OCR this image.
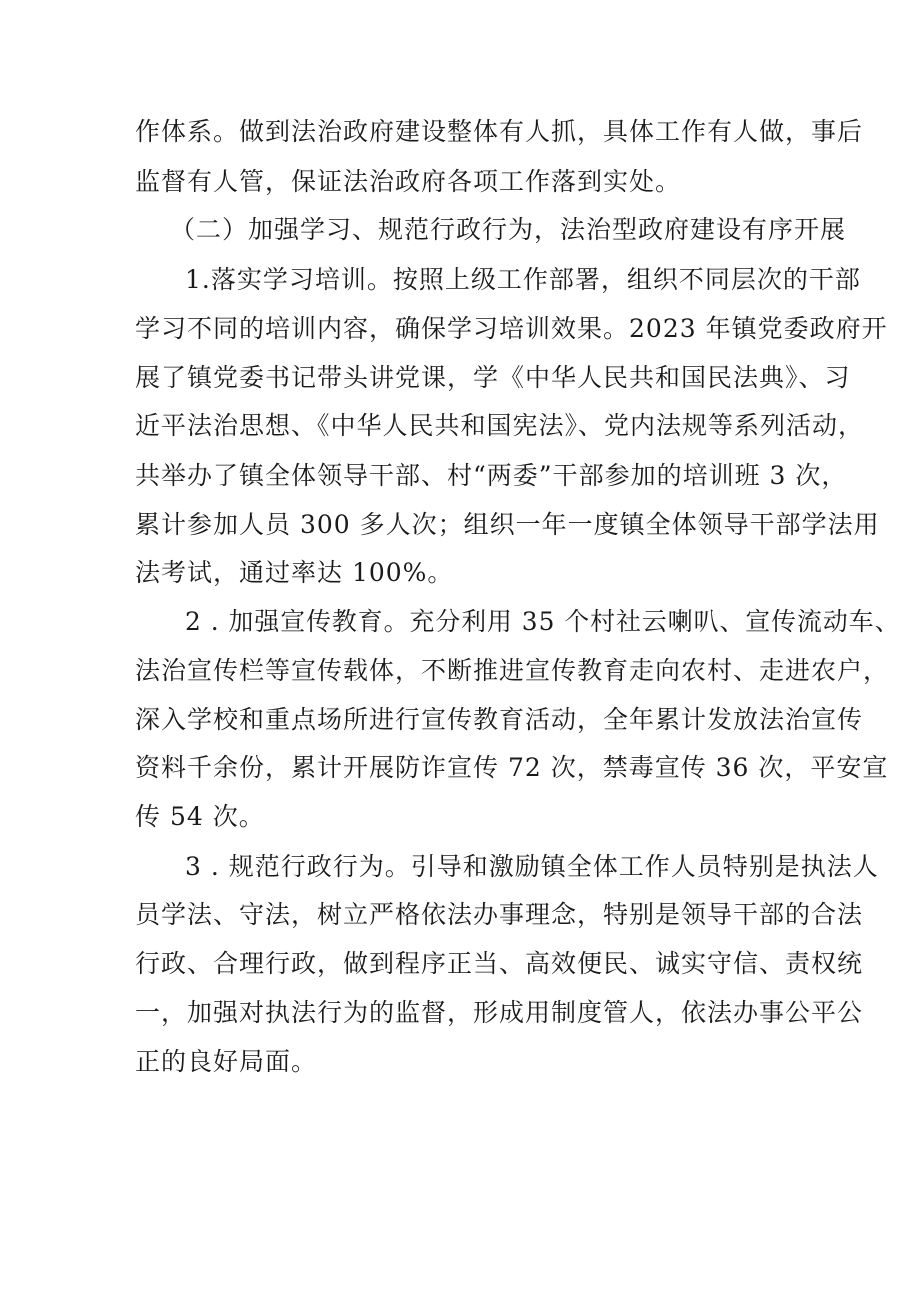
作体系。做到法治政府建设整体有人抓，具体工作有人做，事后

监督有人管，保证法治政府各项工作落到实处。

（二）加强学习、规范行政行为，法治型政府建设有序开展

1.落实学习培训。按照上级工作部署，组织不同层次的干部

学习不同的培训内容，确保学习培训效果。2023 年镇党委政府开

展了镇党委书记带头讲党课，学《中华人民共和国民法典》、习

近平法治思想、《中华人民共和国宪法》、党内法规等系列活动，

共举办了镇全体领导干部、村“两委”干部参加的培训班 3 次，

累计参加人员 300 多人次；组织一年一度镇全体领导干部学法用

法考试，通过率达 100%。

2 . 加强宣传教育。充分利用 35 个村社云喇叭、宣传流动车、

法治宣传栏等宣传载体，不断推进宣传教育走向农村、走进农户，

深入学校和重点场所进行宣传教育活动，全年累计发放法治宣传

资料千余份，累计开展防诈宣传 72 次，禁毒宣传 36 次，平安宣

传 54 次。

3 . 规范行政行为。引导和激励镇全体工作人员特别是执法人

员学法、守法，树立严格依法办事理念，特别是领导干部的合法

行政、合理行政，做到程序正当、高效便民、诚实守信、责权统

一，加强对执法行为的监督，形成用制度管人，依法办事公平公

正的良好局面。
